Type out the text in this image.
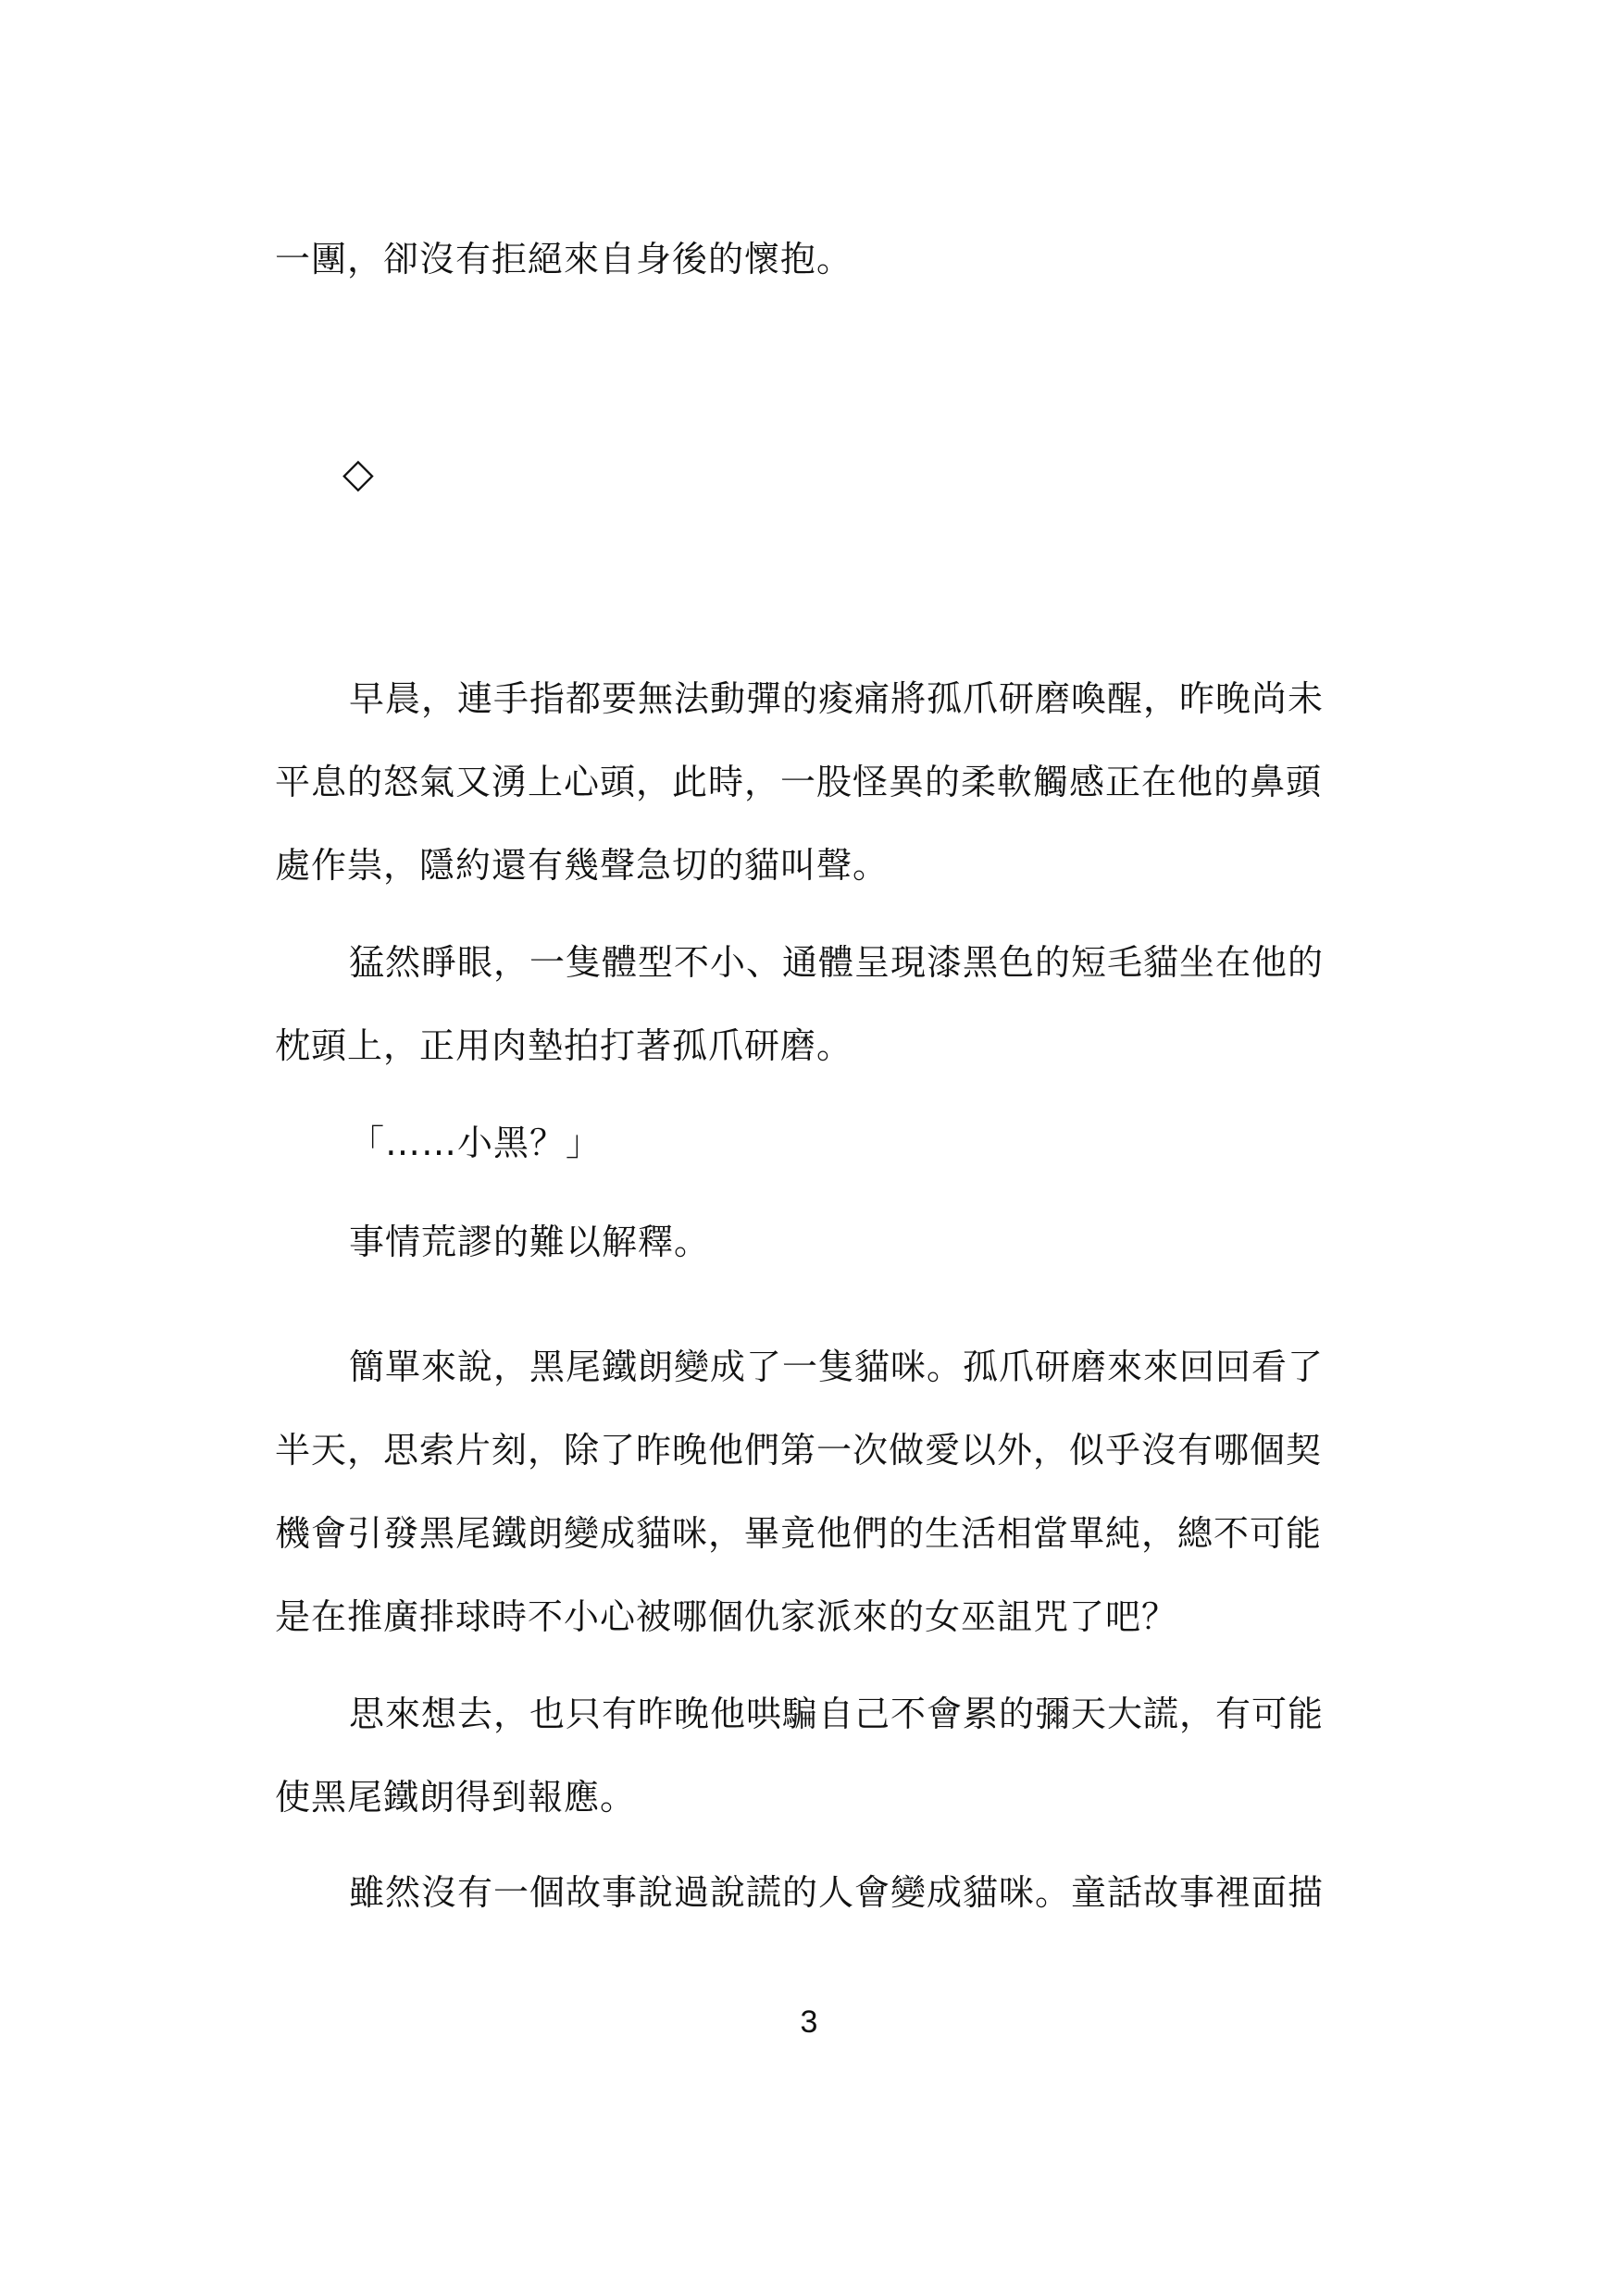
一團，卻沒有拒絕來自身後的懷抱。
◇
早晨，連手指都要無法動彈的痠痛將孤爪研磨喚醒，昨晚尚未
平息的怒氣又湧上心頭，此時，一股怪異的柔軟觸感正在他的鼻頭
處作祟，隱約還有幾聲急切的貓叫聲。
猛然睜眼，一隻體型不小、通體呈現漆黑色的短毛貓坐在他的
枕頭上，正用肉墊拍打著孤爪研磨。
「……小黑？」
事情荒謬的難以解釋。
簡單來說，黑尾鐵朗變成了一隻貓咪。孤爪研磨來來回回看了
半天，思索片刻，除了昨晚他們第一次做愛以外，似乎沒有哪個契
機會引發黑尾鐵朗變成貓咪，畢竟他們的生活相當單純，總不可能
是在推廣排球時不小心被哪個仇家派來的女巫詛咒了吧？
思來想去，也只有昨晚他哄騙自己不會累的彌天大謊，有可能
使黑尾鐵朗得到報應。
雖然沒有一個故事說過說謊的人會變成貓咪。童話故事裡面描
3
